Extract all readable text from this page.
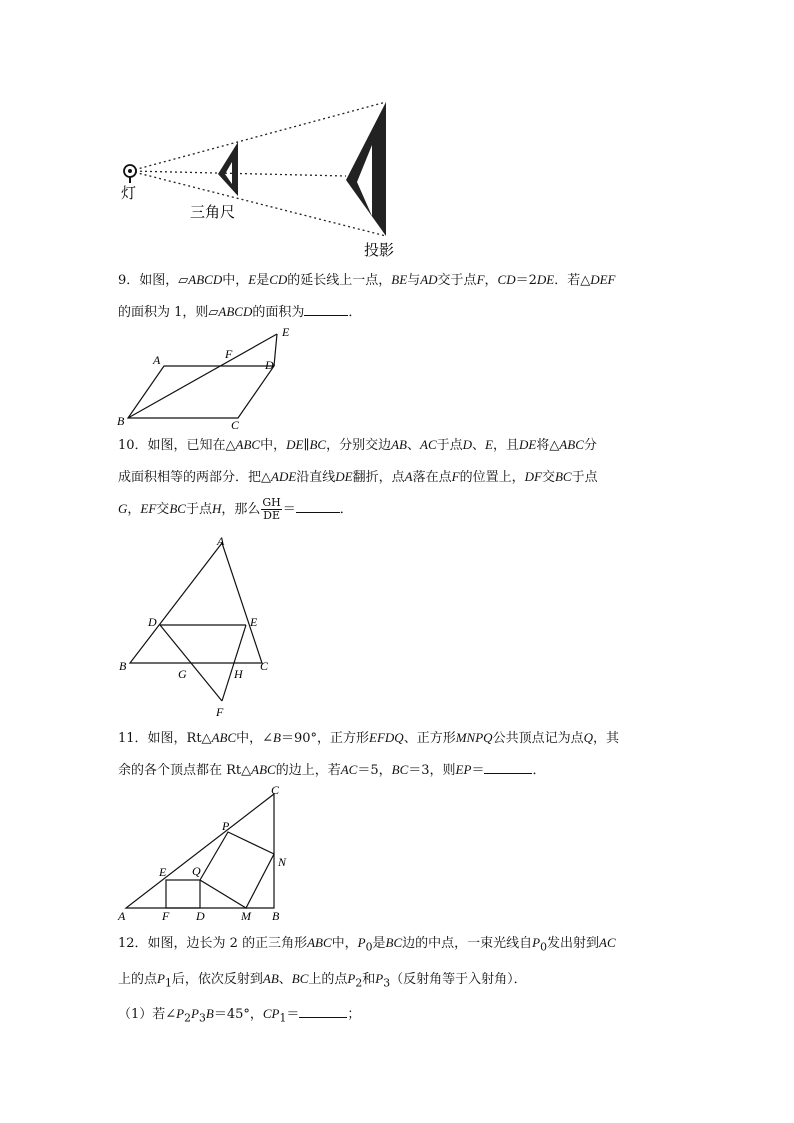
灯
三角尺
投影

9．如图，▱ABCD中，E是CD的延长线上一点，BE与AD交于点F，CD＝2DE．若△DEF
的面积为 1，则▱ABCD的面积为	．

A
B	C
D
E
F

10．如图，已知在△ABC中，DE∥BC，分别交边AB、AC于点D、E，且DE将△ABC分
成面积相等的两部分．把△ADE沿直线DE翻折，点A落在点F的位置上，DF交BC于点
G，EF交BC于点H，那么 $\frac{GH}{DE}$ ＝	．

A
B	C
D	E
F
G	H

11．如图，Rt△ABC中，∠B＝90°，正方形EFDQ、正方形MNPQ公共顶点记为点Q，其
余的各个顶点都在 Rt△ABC的边上，若AC＝5，BC＝3，则EP＝	．

A	B
C
D
E
F	M
N
P
Q

12．如图，边长为 2 的正三角形ABC中，$P_0$是BC边的中点，一束光线自$P_0$发出射到AC
上的点$P_1$后，依次反射到AB、BC上的点$P_2$和$P_3$（反射角等于入射角）．
（1）若$\angle P_2P_3B=45^\circ$，$CP_1=$	；
